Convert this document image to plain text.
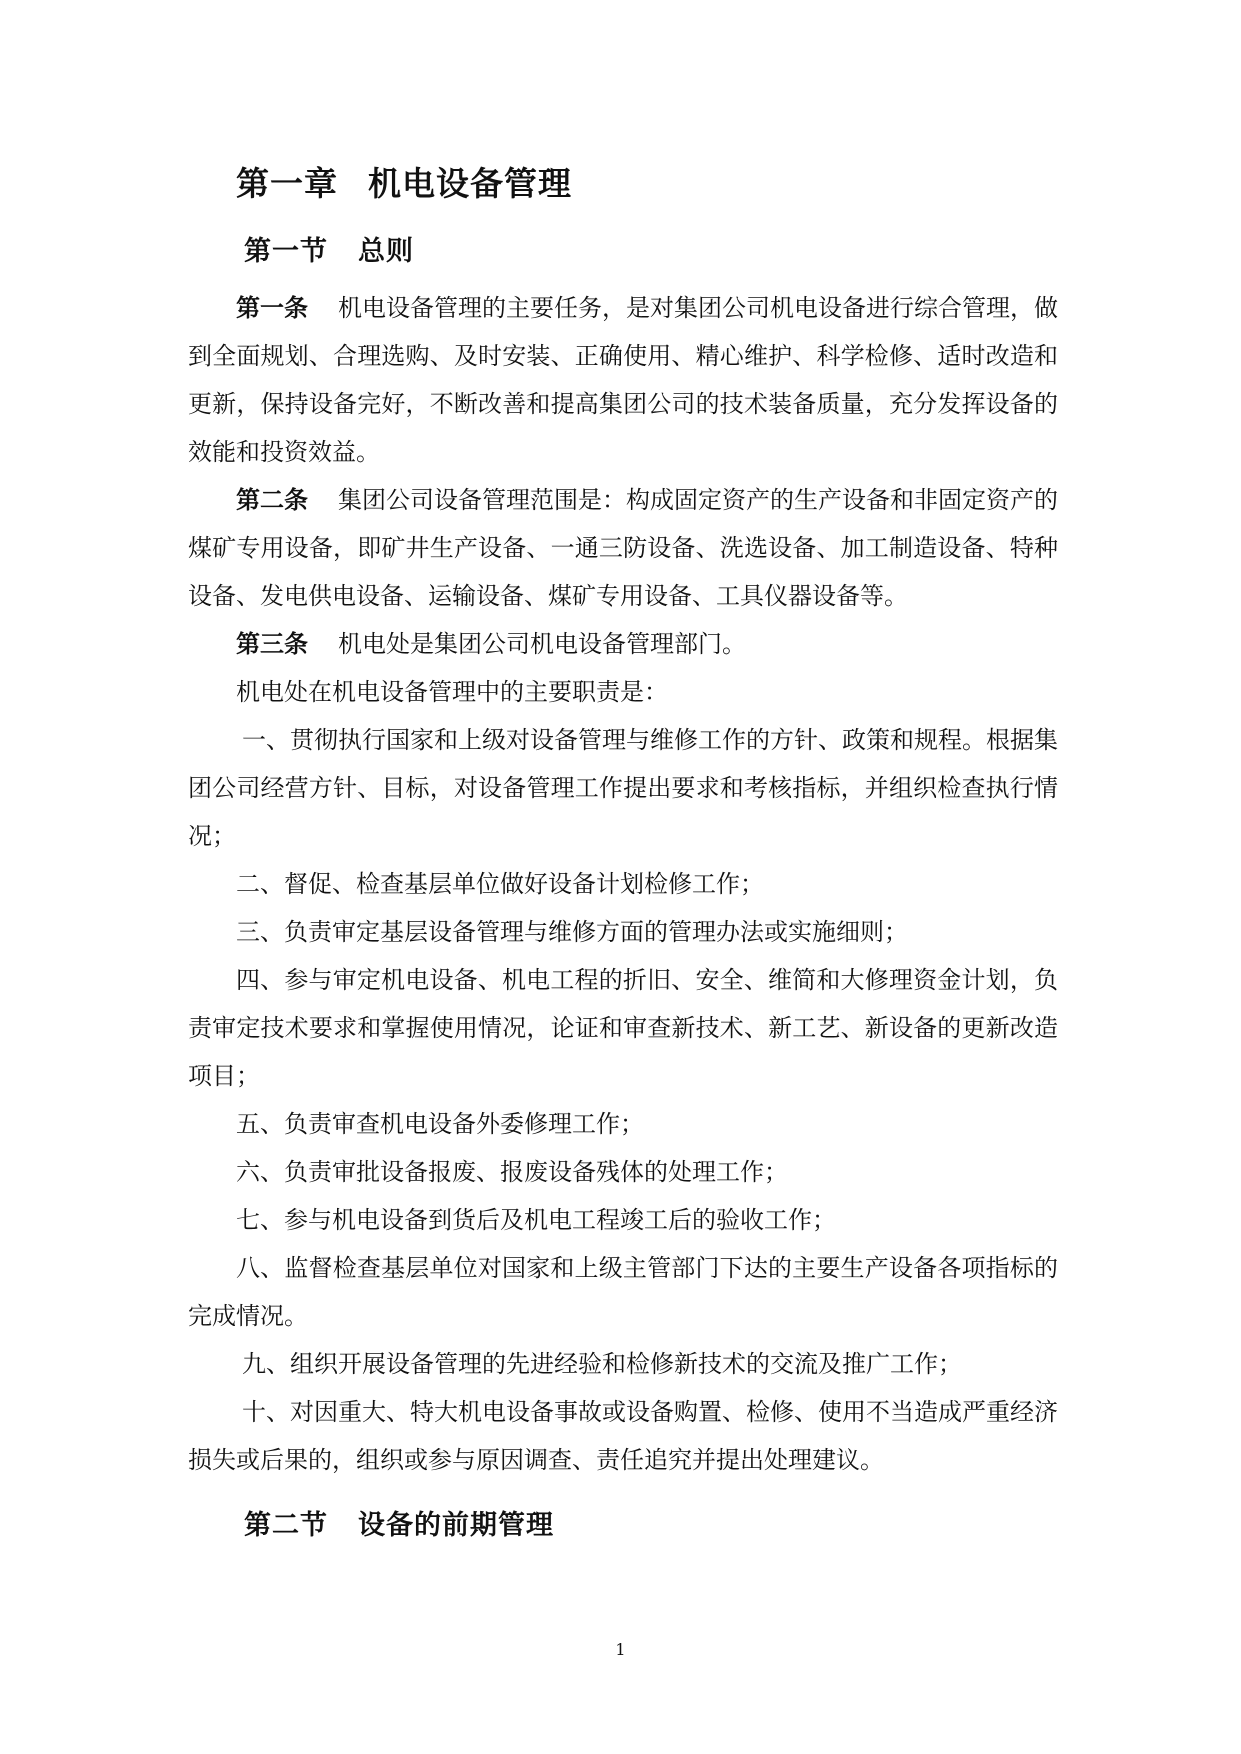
第一章 机电设备管理
第一节 总则

第一条 机电设备管理的主要任务，是对集团公司机电设备进行综合管理，做到全面规划、合理选购、及时安装、正确使用、精心维护、科学检修、适时改造和更新，保持设备完好，不断改善和提高集团公司的技术装备质量，充分发挥设备的效能和投资效益。

第二条 集团公司设备管理范围是：构成固定资产的生产设备和非固定资产的煤矿专用设备，即矿井生产设备、一通三防设备、洗选设备、加工制造设备、特种设备、发电供电设备、运输设备、煤矿专用设备、工具仪器设备等。

第三条 机电处是集团公司机电设备管理部门。

机电处在机电设备管理中的主要职责是：

一、贯彻执行国家和上级对设备管理与维修工作的方针、政策和规程。根据集团公司经营方针、目标，对设备管理工作提出要求和考核指标，并组织检查执行情况；

二、督促、检查基层单位做好设备计划检修工作；

三、负责审定基层设备管理与维修方面的管理办法或实施细则；

四、参与审定机电设备、机电工程的折旧、安全、维简和大修理资金计划，负责审定技术要求和掌握使用情况，论证和审查新技术、新工艺、新设备的更新改造项目；

五、负责审查机电设备外委修理工作；

六、负责审批设备报废、报废设备残体的处理工作；

七、参与机电设备到货后及机电工程竣工后的验收工作；

八、监督检查基层单位对国家和上级主管部门下达的主要生产设备各项指标的完成情况。

九、组织开展设备管理的先进经验和检修新技术的交流及推广工作；

十、对因重大、特大机电设备事故或设备购置、检修、使用不当造成严重经济损失或后果的，组织或参与原因调查、责任追究并提出处理建议。

第二节 设备的前期管理
1
